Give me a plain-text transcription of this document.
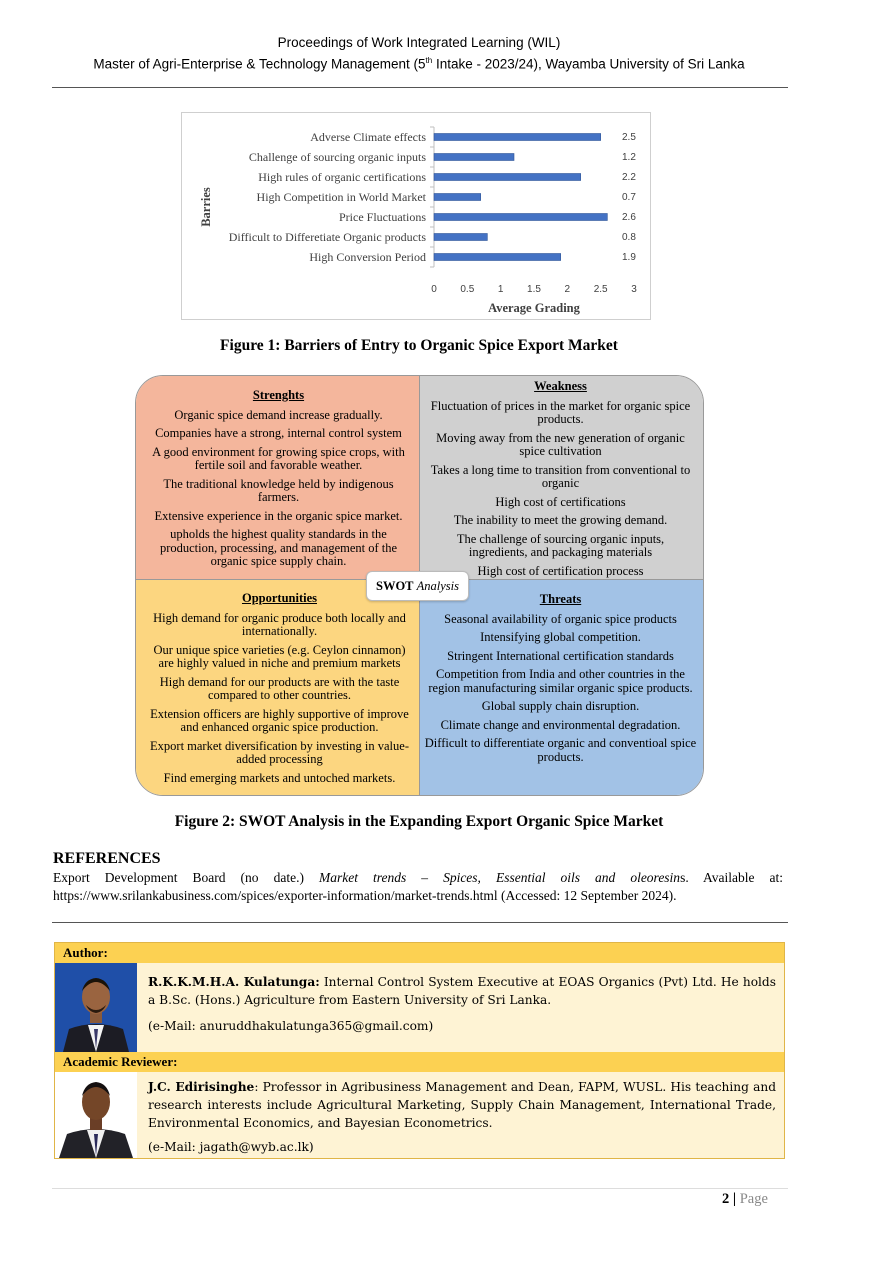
Proceedings of Work Integrated Learning (WIL)
Master of Agri-Enterprise & Technology Management (5th Intake - 2023/24), Wayamba University of Sri Lanka
Adverse Climate effects	2.5
Challenge of sourcing organic inputs	1.2
High rules of organic certifications	2.2
High Competition in World Market	0.7
Price Fluctuations	2.6
Difficult to Differetiate Organic products	0.8
High Conversion Period	1.9
0 0.5 1 1.5 2 2.5 3
Average Grading
Barries
Figure 1: Barriers of Entry to Organic Spice Export Market
Strenghts
Organic spice demand increase gradually.
Companies have a strong, internal control system
A good environment for growing spice crops, with fertile soil and favorable weather.
The traditional knowledge held by indigenous farmers.
Extensive experience in the organic spice market.
upholds the highest quality standards in the production, processing, and management of the organic spice supply chain.
Weakness
Fluctuation of prices in the market for organic spice products.
Moving away from the new generation of organic spice cultivation
Takes a long time to transition from conventional to organic
High cost of certifications
The inability to meet the growing demand.
The challenge of sourcing organic inputs, ingredients, and packaging materials
High cost of certification process
Opportunities
High demand for organic produce both locally and internationally.
Our unique spice varieties (e.g. Ceylon cinnamon) are highly valued in niche and premium markets
High demand for our products are with the taste compared to other countries.
Extension officers are highly supportive of improve and enhanced organic spice production.
Export market diversification by investing in value-added processing
Find emerging markets and untoched markets.
Threats
Seasonal availability of organic spice products
Intensifying global competition.
Stringent International certification standards
Competition from India and other countries in the region manufacturing similar organic spice products.
Global supply chain disruption.
Climate change and environmental degradation.
Difficult to differentiate organic and conventioal spice products.
SWOT Analysis
Figure 2: SWOT Analysis in the Expanding Export Organic Spice Market
REFERENCES
Export Development Board (no date.) Market trends – Spices, Essential oils and oleoresins. Available at: https://www.srilankabusiness.com/spices/exporter-information/market-trends.html (Accessed: 12 September 2024).
Author:
R.K.K.M.H.A. Kulatunga: Internal Control System Executive at EOAS Organics (Pvt) Ltd. He holds a B.Sc. (Hons.) Agriculture from Eastern University of Sri Lanka.
(e-Mail: anuruddhakulatunga365@gmail.com)
Academic Reviewer:
J.C. Edirisinghe: Professor in Agribusiness Management and Dean, FAPM, WUSL. His teaching and research interests include Agricultural Marketing, Supply Chain Management, International Trade, Environmental Economics, and Bayesian Econometrics.
(e-Mail: jagath@wyb.ac.lk)
2 | Page
